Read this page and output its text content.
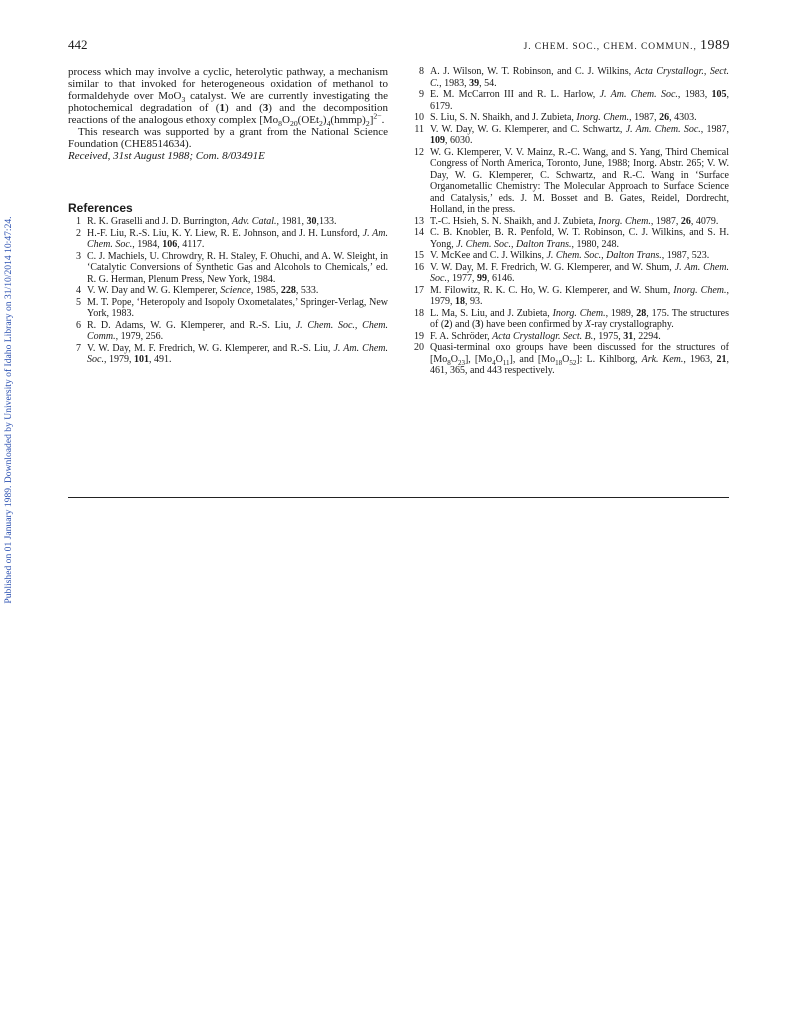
Published on 01 January 1989. Downloaded by University of Idaho Library on 31/10/2014 10:47:24.
442	J. CHEM. SOC., CHEM. COMMUN., 1989

process which may involve a cyclic, heterolytic pathway, a mechanism similar to that invoked for heterogeneous oxidation of methanol to formaldehyde over MoO$_3$ catalyst. We are currently investigating the photochemical degradation of (1) and (3) and the decomposition reactions of the analogous ethoxy complex $[Mo_8O_{20}(OEt_2)_4(hmmp)_2]^{2-}$.

This research was supported by a grant from the National Science Foundation (CHE8514634).

Received, 31st August 1988; Com. 8/03491E

References
1 R. K. Graselli and J. D. Burrington, Adv. Catal., 1981, 30,133.
2 H.-F. Liu, R.-S. Liu, K. Y. Liew, R. E. Johnson, and J. H. Lunsford, J. Am. Chem. Soc., 1984, 106, 4117.
3 C. J. Machiels, U. Chrowdry, R. H. Staley, F. Ohuchi, and A. W. Sleight, in ‘Catalytic Conversions of Synthetic Gas and Alcohols to Chemicals,’ ed. R. G. Herman, Plenum Press, New York, 1984.
4 V. W. Day and W. G. Klemperer, Science, 1985, 228, 533.
5 M. T. Pope, ‘Heteropoly and Isopoly Oxometalates,’ Springer-Verlag, New York, 1983.
6 R. D. Adams, W. G. Klemperer, and R.-S. Liu, J. Chem. Soc., Chem. Comm., 1979, 256.
7 V. W. Day, M. F. Fredrich, W. G. Klemperer, and R.-S. Liu, J. Am. Chem. Soc., 1979, 101, 491.
8 A. J. Wilson, W. T. Robinson, and C. J. Wilkins, Acta Crystallogr., Sect. C., 1983, 39, 54.
9 E. M. McCarron III and R. L. Harlow, J. Am. Chem. Soc., 1983, 105, 6179.
10 S. Liu, S. N. Shaikh, and J. Zubieta, Inorg. Chem., 1987, 26, 4303.
11 V. W. Day, W. G. Klemperer, and C. Schwartz, J. Am. Chem. Soc., 1987, 109, 6030.
12 W. G. Klemperer, V. V. Mainz, R.-C. Wang, and S. Yang, Third Chemical Congress of North America, Toronto, June, 1988; Inorg. Abstr. 265; V. W. Day, W. G. Klemperer, C. Schwartz, and R.-C. Wang in ‘Surface Organometallic Chemistry: The Molecular Approach to Surface Science and Catalysis,’ eds. J. M. Bosset and B. Gates, Reidel, Dordrecht, Holland, in the press.
13 T.-C. Hsieh, S. N. Shaikh, and J. Zubieta, Inorg. Chem., 1987, 26, 4079.
14 C. B. Knobler, B. R. Penfold, W. T. Robinson, C. J. Wilkins, and S. H. Yong, J. Chem. Soc., Dalton Trans., 1980, 248.
15 V. McKee and C. J. Wilkins, J. Chem. Soc., Dalton Trans., 1987, 523.
16 V. W. Day, M. F. Fredrich, W. G. Klemperer, and W. Shum, J. Am. Chem. Soc., 1977, 99, 6146.
17 M. Filowitz, R. K. C. Ho, W. G. Klemperer, and W. Shum, Inorg. Chem., 1979, 18, 93.
18 L. Ma, S. Liu, and J. Zubieta, Inorg. Chem., 1989, 28, 175. The structures of (2) and (3) have been confirmed by X-ray crystallography.
19 F. A. Schröder, Acta Crystallogr. Sect. B., 1975, 31, 2294.
20 Quasi-terminal oxo groups have been discussed for the structures of $[Mo_8O_{23}]$, $[Mo_4O_{11}]$, and $[Mo_{18}O_{52}]$: L. Kihlborg, Ark. Kem., 1963, 21, 461, 365, and 443 respectively.
